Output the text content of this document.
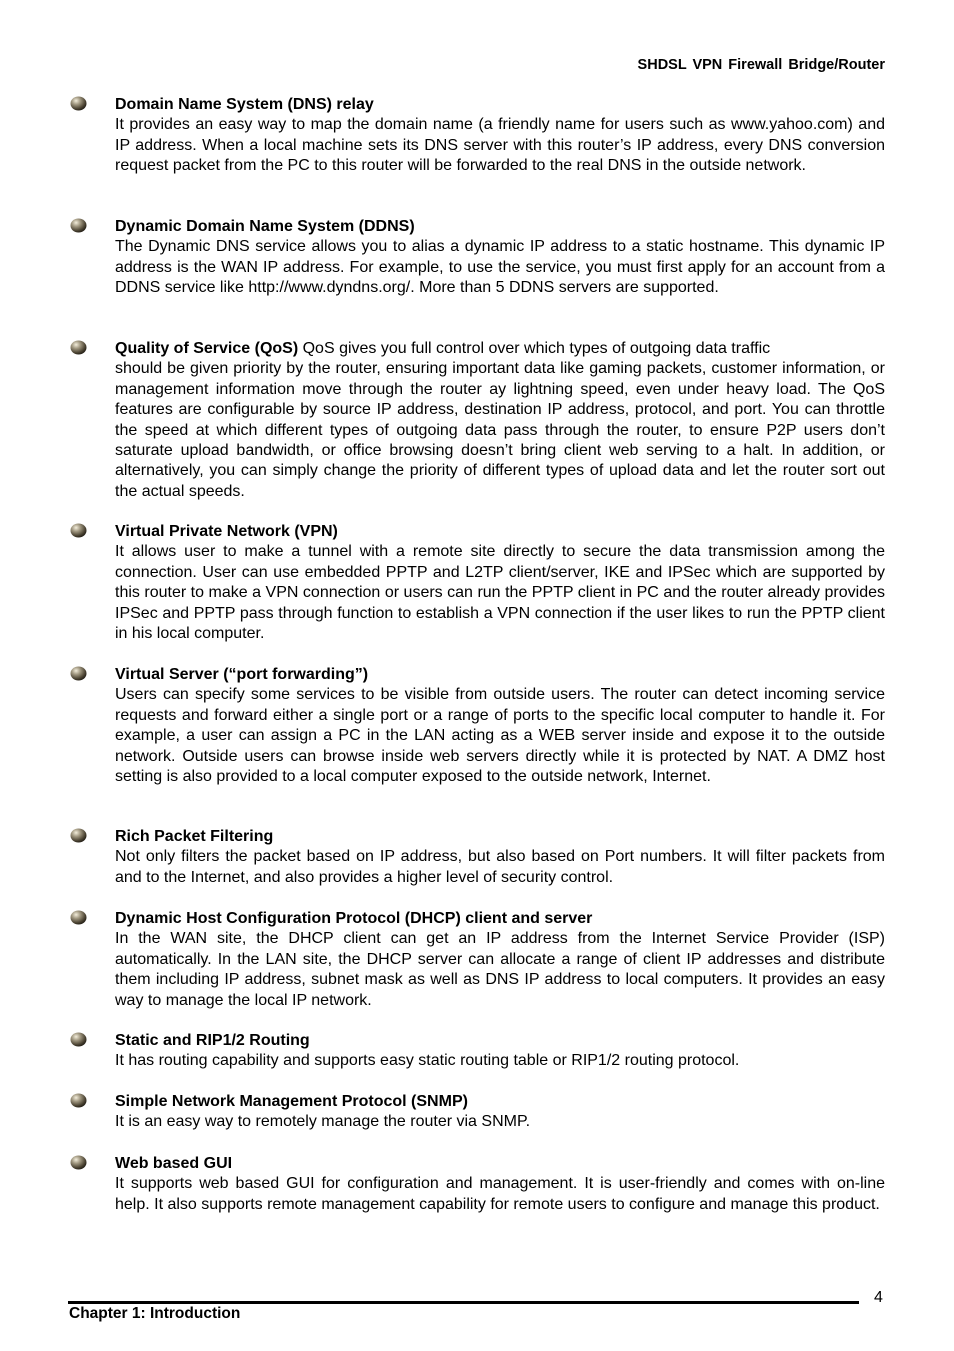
SHDSL VPN Firewall Bridge/Router
Domain Name System (DNS) relay
It provides an easy way to map the domain name (a friendly name for users such as www.yahoo.com) and IP address. When a local machine sets its DNS server with this router’s IP address, every DNS conversion request packet from the PC to this router will be forwarded to the real DNS in the outside network.
Dynamic Domain Name System (DDNS)
The Dynamic DNS service allows you to alias a dynamic IP address to a static hostname. This dynamic IP address is the WAN IP address. For example, to use the service, you must first apply for an account from a DDNS service like http://www.dyndns.org/. More than 5 DDNS servers are supported.
Quality of Service (QoS) QoS gives you full control over which types of outgoing data traffic
should be given priority by the router, ensuring important data like gaming packets, customer information, or management information move through the router ay lightning speed, even under heavy load. The QoS features are configurable by source IP address, destination IP address, protocol, and port. You can throttle the speed at which different types of outgoing data pass through the router, to ensure P2P users don’t saturate upload bandwidth, or office browsing doesn’t bring client web serving to a halt. In addition, or alternatively, you can simply change the priority of different types of upload data and let the router sort out the actual speeds.
Virtual Private Network (VPN)
It allows user to make a tunnel with a remote site directly to secure the data transmission among the connection. User can use embedded PPTP and L2TP client/server, IKE and IPSec which are supported by this router to make a VPN connection or users can run the PPTP client in PC and the router already provides IPSec and PPTP pass through function to establish a VPN connection if the user likes to run the PPTP client in his local computer.
Virtual Server (“port forwarding”)
Users can specify some services to be visible from outside users. The router can detect incoming service requests and forward either a single port or a range of ports to the specific local computer to handle it. For example, a user can assign a PC in the LAN acting as a WEB server inside and expose it to the outside network. Outside users can browse inside web servers directly while it is protected by NAT. A DMZ host setting is also provided to a local computer exposed to the outside network, Internet.
Rich Packet Filtering
Not only filters the packet based on IP address, but also based on Port numbers. It will filter packets from and to the Internet, and also provides a higher level of security control.
Dynamic Host Configuration Protocol (DHCP) client and server
In the WAN site, the DHCP client can get an IP address from the Internet Service Provider (ISP) automatically. In the LAN site, the DHCP server can allocate a range of client IP addresses and distribute them including IP address, subnet mask as well as DNS IP address to local computers. It provides an easy way to manage the local IP network.
Static and RIP1/2 Routing
It has routing capability and supports easy static routing table or RIP1/2 routing protocol.
Simple Network Management Protocol (SNMP)
It is an easy way to remotely manage the router via SNMP.
Web based GUI
It supports web based GUI for configuration and management. It is user-friendly and comes with on-line help. It also supports remote management capability for remote users to configure and manage this product.
4
Chapter 1: Introduction
